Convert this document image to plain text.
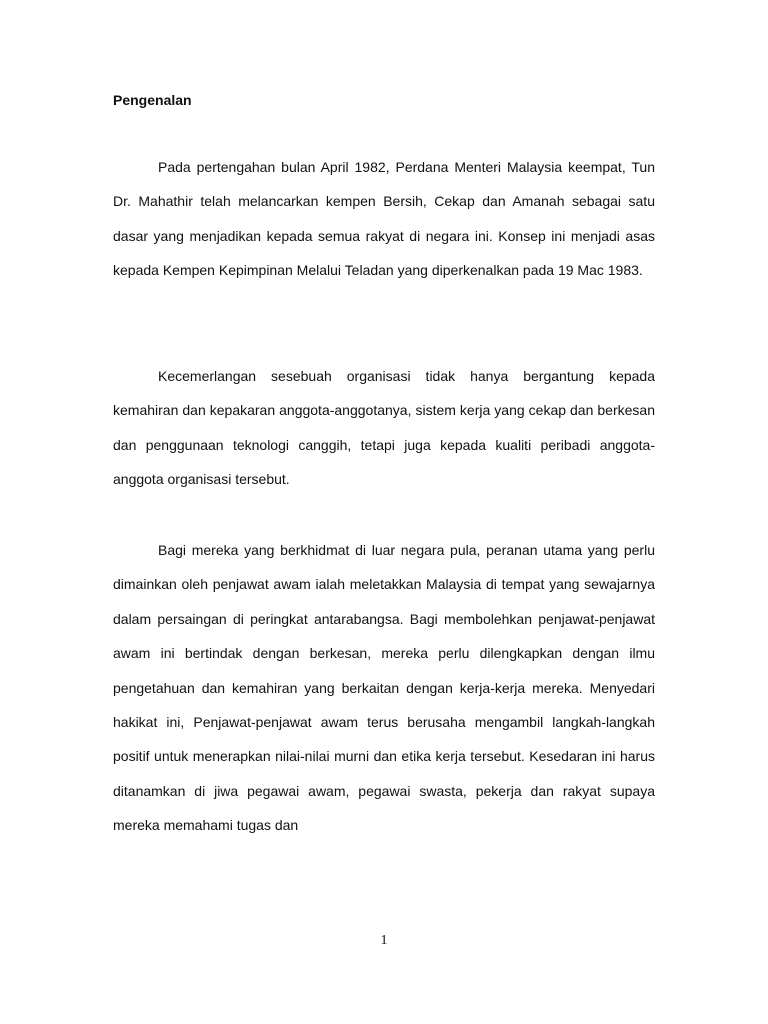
Pengenalan

Pada pertengahan bulan April 1982, Perdana Menteri Malaysia keempat, Tun Dr. Mahathir telah melancarkan kempen Bersih, Cekap dan Amanah sebagai satu dasar yang menjadikan kepada semua rakyat di negara ini. Konsep ini menjadi asas kepada Kempen Kepimpinan Melalui Teladan yang diperkenalkan pada 19 Mac 1983.

Kecemerlangan sesebuah organisasi tidak hanya bergantung kepada kemahiran dan kepakaran anggota-anggotanya, sistem kerja yang cekap dan berkesan dan penggunaan teknologi canggih, tetapi juga kepada kualiti peribadi anggota-anggota organisasi tersebut.

Bagi mereka yang berkhidmat di luar negara pula, peranan utama yang perlu dimainkan oleh penjawat awam ialah meletakkan Malaysia di tempat yang sewajarnya dalam persaingan di peringkat antarabangsa. Bagi membolehkan penjawat-penjawat awam ini bertindak dengan berkesan, mereka perlu dilengkapkan dengan ilmu pengetahuan dan kemahiran yang berkaitan dengan kerja-kerja mereka. Menyedari hakikat ini, Penjawat-penjawat awam terus berusaha mengambil langkah-langkah positif untuk menerapkan nilai-nilai murni dan etika kerja tersebut. Kesedaran ini harus ditanamkan di jiwa pegawai awam, pegawai swasta, pekerja dan rakyat supaya mereka memahami tugas dan

1
